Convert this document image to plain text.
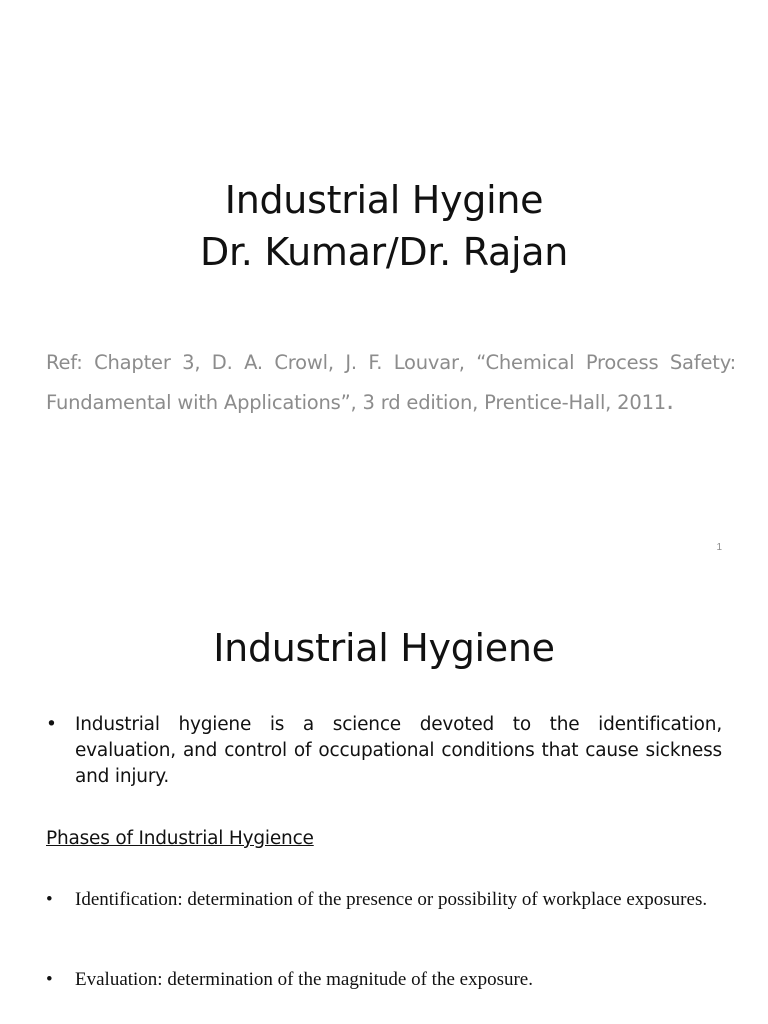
Industrial Hygine
Dr. Kumar/Dr. Rajan
Ref: Chapter 3, D. A. Crowl, J. F. Louvar, “Chemical Process Safety:
Fundamental with Applications”, 3 rd edition, Prentice-Hall, 2011.
1
Industrial Hygiene
• Industrial hygiene is a science devoted to the identification, evaluation, and control of occupational conditions that cause sickness and injury.
Phases of Industrial Hygience
•	Identification: determination of the presence or possibility of workplace exposures.
•	Evaluation: determination of the magnitude of the exposure.
